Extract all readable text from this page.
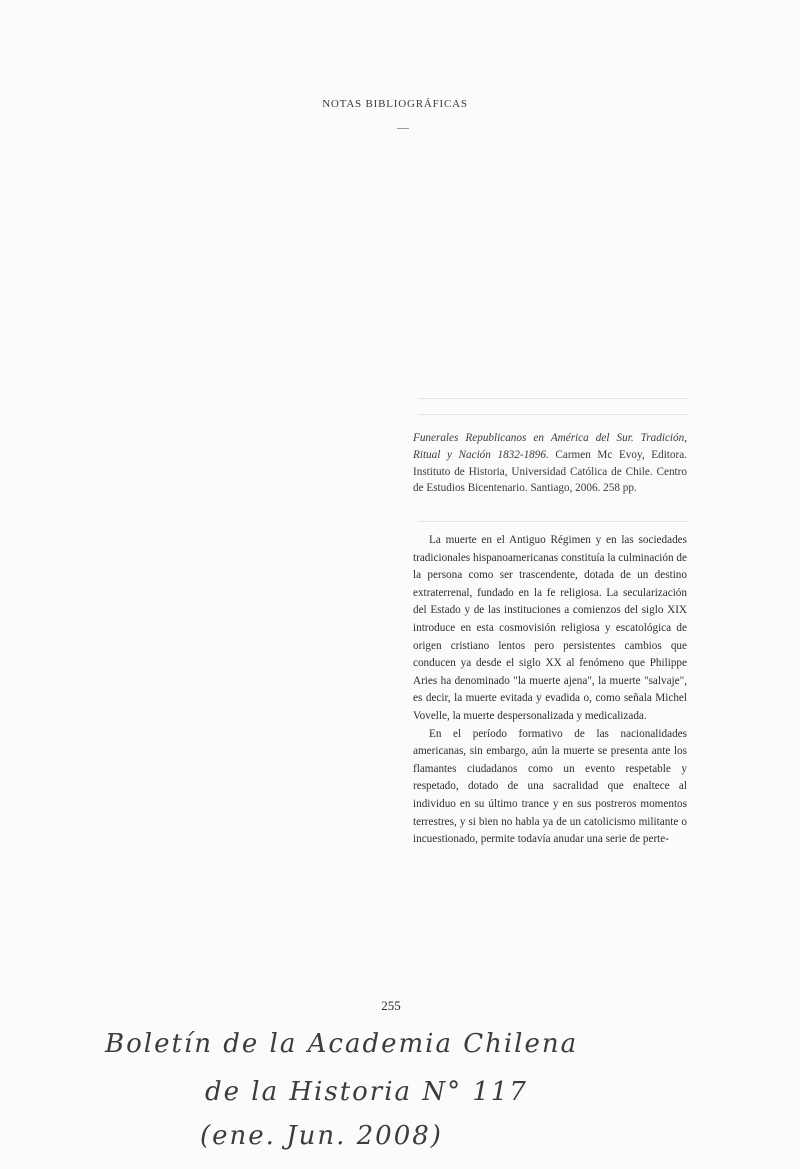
NOTAS BIBLIOGRÁFICAS
Funerales Republicanos en América del Sur. Tradición, Ritual y Nación 1832-1896. Carmen Mc Evoy, Editora. Instituto de Historia, Universidad Católica de Chile. Centro de Estudios Bicentenario. Santiago, 2006. 258 pp.

La muerte en el Antiguo Régimen y en las sociedades tradicionales hispanoamericanas constituía la culminación de la persona como ser trascendente, dotada de un destino extraterrenal, fundado en la fe religiosa. La secularización del Estado y de las instituciones a comienzos del siglo XIX introduce en esta cosmovisión religiosa y escatológica de origen cristiano lentos pero persistentes cambios que conducen ya desde el siglo XX al fenómeno que Philippe Aries ha denominado "la muerte ajena", la muerte "salvaje", es decir, la muerte evitada y evadida o, como señala Michel Vovelle, la muerte despersonalizada y medicalizada.

En el período formativo de las nacionalidades americanas, sin embargo, aún la muerte se presenta ante los flamantes ciudadanos como un evento respetable y respetado, dotado de una sacralidad que enaltece al individuo en su último trance y en sus postreros momentos terrestres, y si bien no habla ya de un catolicismo militante o incuestionado, permite todavía anudar una serie de perte-

255
Boletín de la Academia Chilena
de la Historia N° 117
(ene. Jun. 2008)
